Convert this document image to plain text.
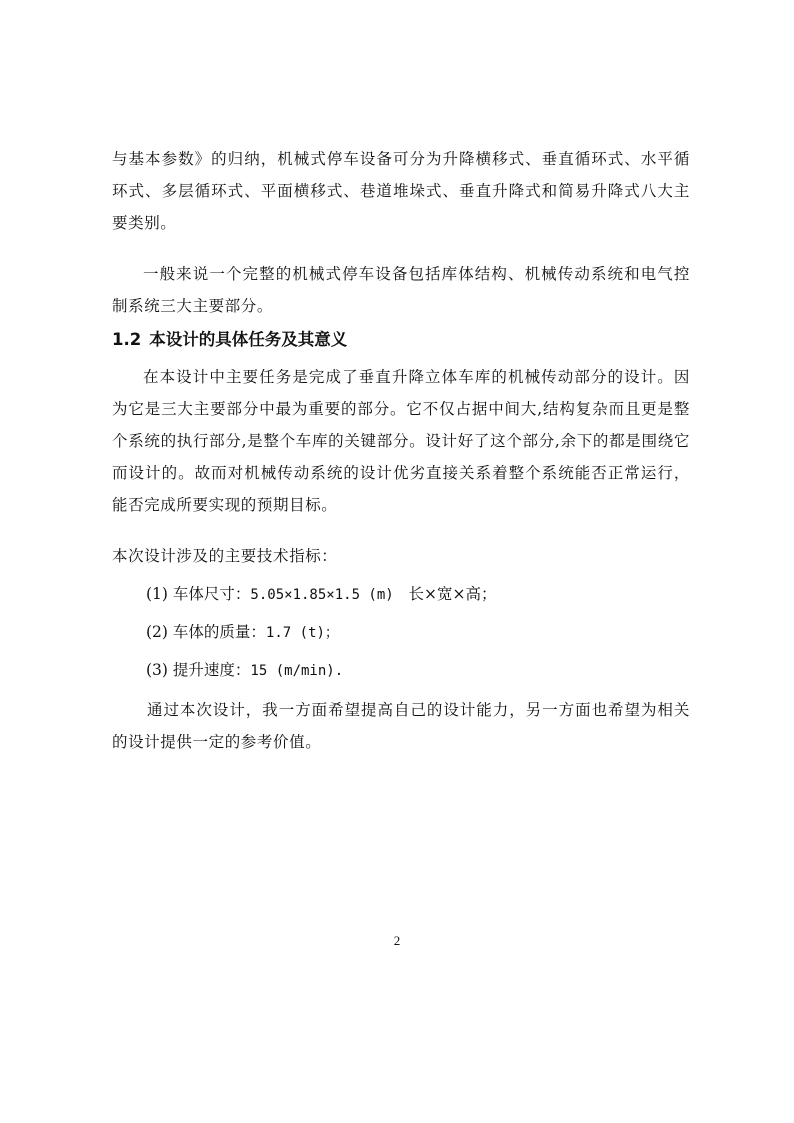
与基本参数》的归纳，机械式停车设备可分为升降横移式、垂直循环式、水平循环式、多层循环式、平面横移式、巷道堆垛式、垂直升降式和简易升降式八大主要类别。

一般来说一个完整的机械式停车设备包括库体结构、机械传动系统和电气控制系统三大主要部分。

1.2 本设计的具体任务及其意义

在本设计中主要任务是完成了垂直升降立体车库的机械传动部分的设计。因为它是三大主要部分中最为重要的部分。它不仅占据中间大,结构复杂而且更是整个系统的执行部分,是整个车库的关键部分。设计好了这个部分,余下的都是围绕它而设计的。故而对机械传动系统的设计优劣直接关系着整个系统能否正常运行，能否完成所要实现的预期目标。

本次设计涉及的主要技术指标：

(1) 车体尺寸：5.05×1.85×1.5 (m) 长×宽×高；

(2) 车体的质量：1.7 (t)；

(3) 提升速度：15 (m/min).

通过本次设计，我一方面希望提高自己的设计能力，另一方面也希望为相关的设计提供一定的参考价值。

2
